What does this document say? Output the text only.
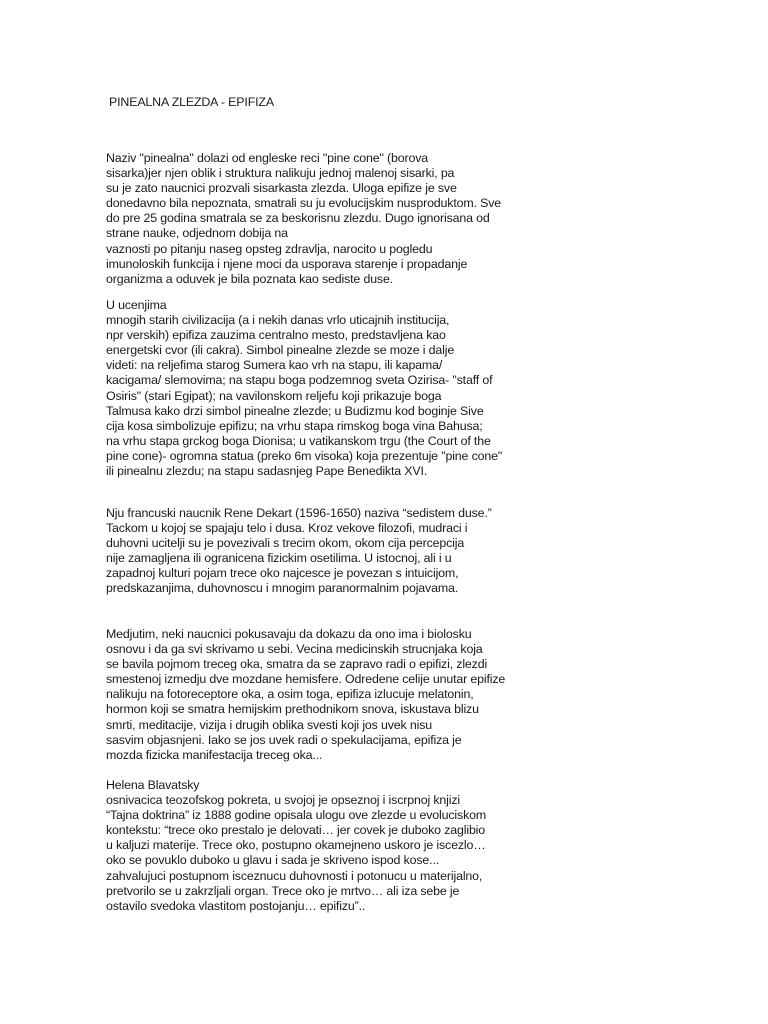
PINEALNA ZLEZDA - EPIFIZA
Naziv "pinealna" dolazi od engleske reci "pine cone" (borova
sisarka)jer njen oblik i struktura nalikuju jednoj malenoj sisarki, pa
su je zato naucnici prozvali sisarkasta zlezda. Uloga epifize je sve
donedavno bila nepoznata, smatrali su ju evolucijskim nusproduktom. Sve
do pre 25 godina smatrala se za beskorisnu zlezdu. Dugo ignorisana od
strane nauke, odjednom dobija na
vaznosti po pitanju naseg opsteg zdravlja, narocito u pogledu
imunoloskih funkcija i njene moci da usporava starenje i propadanje
organizma a oduvek je bila poznata kao sediste duse.
U ucenjima
mnogih starih civilizacija (a i nekih danas vrlo uticajnih institucija,
npr verskih) epifiza zauzima centralno mesto, predstavljena kao
energetski cvor (ili cakra). Simbol pinealne zlezde se moze i dalje
videti: na reljefima starog Sumera kao vrh na stapu, ili kapama/
kacigama/ slemovima; na stapu boga podzemnog sveta Ozirisa- "staff of
Osiris" (stari Egipat); na vavilonskom reljefu koji prikazuje boga
Talmusa kako drzi simbol pinealne zlezde; u Budizmu kod boginje Sive
cija kosa simbolizuje epifizu; na vrhu stapa rimskog boga vina Bahusa;
na vrhu stapa grckog boga Dionisa; u vatikanskom trgu (the Court of the
pine cone)- ogromna statua (preko 6m visoka) koja prezentuje "pine cone"
ili pinealnu zlezdu; na stapu sadasnjeg Pape Benedikta XVI.
Nju francuski naucnik Rene Dekart (1596-1650) naziva “sedistem duse.”
Tackom u kojoj se spajaju telo i dusa. Kroz vekove filozofi, mudraci i
duhovni ucitelji su je povezivali s trecim okom, okom cija percepcija
nije zamagljena ili ogranicena fizickim osetilima. U istocnoj, ali i u
zapadnoj kulturi pojam trece oko najcesce je povezan s intuicijom,
predskazanjima, duhovnoscu i mnogim paranormalnim pojavama.
Medjutim, neki naucnici pokusavaju da dokazu da ono ima i biolosku
osnovu i da ga svi skrivamo u sebi. Vecina medicinskih strucnjaka koja
se bavila pojmom treceg oka, smatra da se zapravo radi o epifizi, zlezdi
smestenoj izmedju dve mozdane hemisfere. Odredene celije unutar epifize
nalikuju na fotoreceptore oka, a osim toga, epifiza izlucuje melatonin,
hormon koji se smatra hemijskim prethodnikom snova, iskustava blizu
smrti, meditacije, vizija i drugih oblika svesti koji jos uvek nisu
sasvim objasnjeni. Iako se jos uvek radi o spekulacijama, epifiza je
mozda fizicka manifestacija treceg oka...
Helena Blavatsky
osnivacica teozofskog pokreta, u svojoj je opseznoj i iscrpnoj knjizi
“Tajna doktrina” iz 1888 godine opisala ulogu ove zlezde u evoluciskom
kontekstu: “trece oko prestalo je delovati… jer covek je duboko zaglibio
u kaljuzi materije. Trece oko, postupno okamejneno uskoro je iscezlo…
oko se povuklo duboko u glavu i sada je skriveno ispod kose...
zahvalujuci postupnom isceznucu duhovnosti i potonucu u materijalno,
pretvorilo se u zakrzljali organ. Trece oko je mrtvo… ali iza sebe je
ostavilo svedoka vlastitom postojanju… epifizu”..
